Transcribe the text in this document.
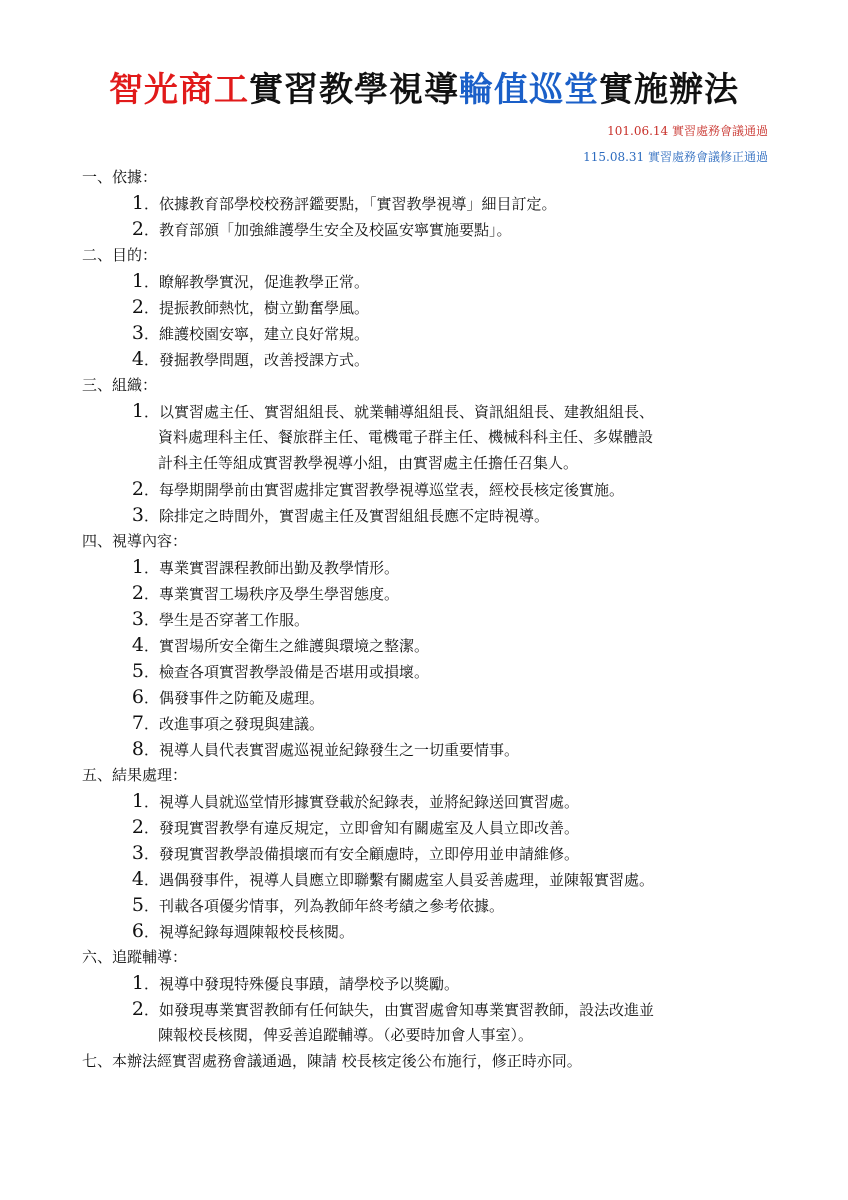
智光商工實習教學視導輪值巡堂實施辦法
101.06.14 實習處務會議通過
115.08.31 實習處務會議修正通過
一、依據：
1．依據教育部學校校務評鑑要點，「實習教學視導」細目訂定。
2．教育部頒「加強維護學生安全及校區安寧實施要點」。
二、目的：
1．瞭解教學實況，促進教學正常。
2．提振教師熱忱，樹立勤奮學風。
3．維護校園安寧，建立良好常規。
4．發掘教學問題，改善授課方式。
三、組織：
1．以實習處主任、實習組組長、就業輔導組組長、資訊組組長、建教組組長、
資料處理科主任、餐旅群主任、電機電子群主任、機械科科主任、多媒體設
計科主任等組成實習教學視導小組，由實習處主任擔任召集人。
2．每學期開學前由實習處排定實習教學視導巡堂表，經校長核定後實施。
3．除排定之時間外，實習處主任及實習組組長應不定時視導。
四、視導內容：
1．專業實習課程教師出勤及教學情形。
2．專業實習工場秩序及學生學習態度。
3．學生是否穿著工作服。
4．實習場所安全衛生之維護與環境之整潔。
5．檢查各項實習教學設備是否堪用或損壞。
6．偶發事件之防範及處理。
7．改進事項之發現與建議。
8．視導人員代表實習處巡視並紀錄發生之一切重要情事。
五、結果處理：
1．視導人員就巡堂情形據實登載於紀錄表，並將紀錄送回實習處。
2．發現實習教學有違反規定，立即會知有關處室及人員立即改善。
3．發現實習教學設備損壞而有安全顧慮時，立即停用並申請維修。
4．遇偶發事件，視導人員應立即聯繫有關處室人員妥善處理，並陳報實習處。
5．刊載各項優劣情事，列為教師年終考績之參考依據。
6．視導紀錄每週陳報校長核閱。
六、追蹤輔導：
1．視導中發現特殊優良事蹟，請學校予以獎勵。
2．如發現專業實習教師有任何缺失，由實習處會知專業實習教師，設法改進並
陳報校長核閱，俾妥善追蹤輔導。（必要時加會人事室）。
七、本辦法經實習處務會議通過，陳請 校長核定後公布施行，修正時亦同。
